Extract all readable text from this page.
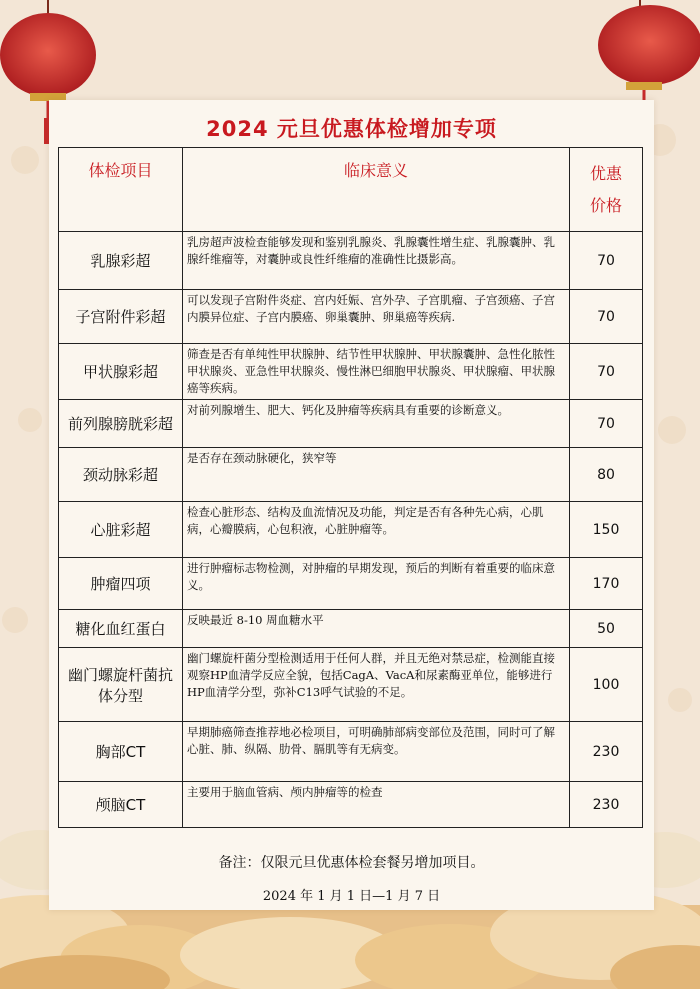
2024 元旦优惠体检增加专项
体检项目	临床意义	优惠
价格
乳腺彩超	乳房超声波检查能够发现和鉴别乳腺炎、乳腺囊性增生症、乳腺囊肿、乳腺纤维瘤等，对囊肿或良性纤维瘤的准确性比摄影高。	70
子宫附件彩超	可以发现子宫附件炎症、宫内妊娠、宫外孕、子宫肌瘤、子宫颈癌、子宫内膜异位症、子宫内膜癌、卵巢囊肿、卵巢癌等疾病.	70
甲状腺彩超	筛查是否有单纯性甲状腺肿、结节性甲状腺肿、甲状腺囊肿、急性化脓性甲状腺炎、亚急性甲状腺炎、慢性淋巴细胞甲状腺炎、甲状腺瘤、甲状腺癌等疾病。	70
前列腺膀胱彩超	对前列腺增生、肥大、钙化及肿瘤等疾病具有重要的诊断意义。	70
颈动脉彩超	是否存在颈动脉硬化，狭窄等	80
心脏彩超	检查心脏形态、结构及血流情况及功能，判定是否有各种先心病，心肌病，心瓣膜病，心包积液，心脏肿瘤等。	150
肿瘤四项	进行肿瘤标志物检测，对肿瘤的早期发现，预后的判断有着重要的临床意义。	170
糖化血红蛋白	反映最近 8-10 周血糖水平	50
幽门螺旋杆菌抗体分型	幽门螺旋杆菌分型检测适用于任何人群，并且无绝对禁忌症，检测能直接观察HP血清学反应全貌，包括CagA、VacA和尿素酶亚单位，能够进行HP血清学分型，弥补C13呼气试验的不足。	100
胸部CT	早期肺癌筛查推荐地必检项目，可明确肺部病变部位及范围，同时可了解心脏、肺、纵隔、肋骨、膈肌等有无病变。	230
颅脑CT	主要用于脑血管病、颅内肿瘤等的检查	230
备注：仅限元旦优惠体检套餐另增加项目。
2024 年 1 月 1 日—1 月 7 日
